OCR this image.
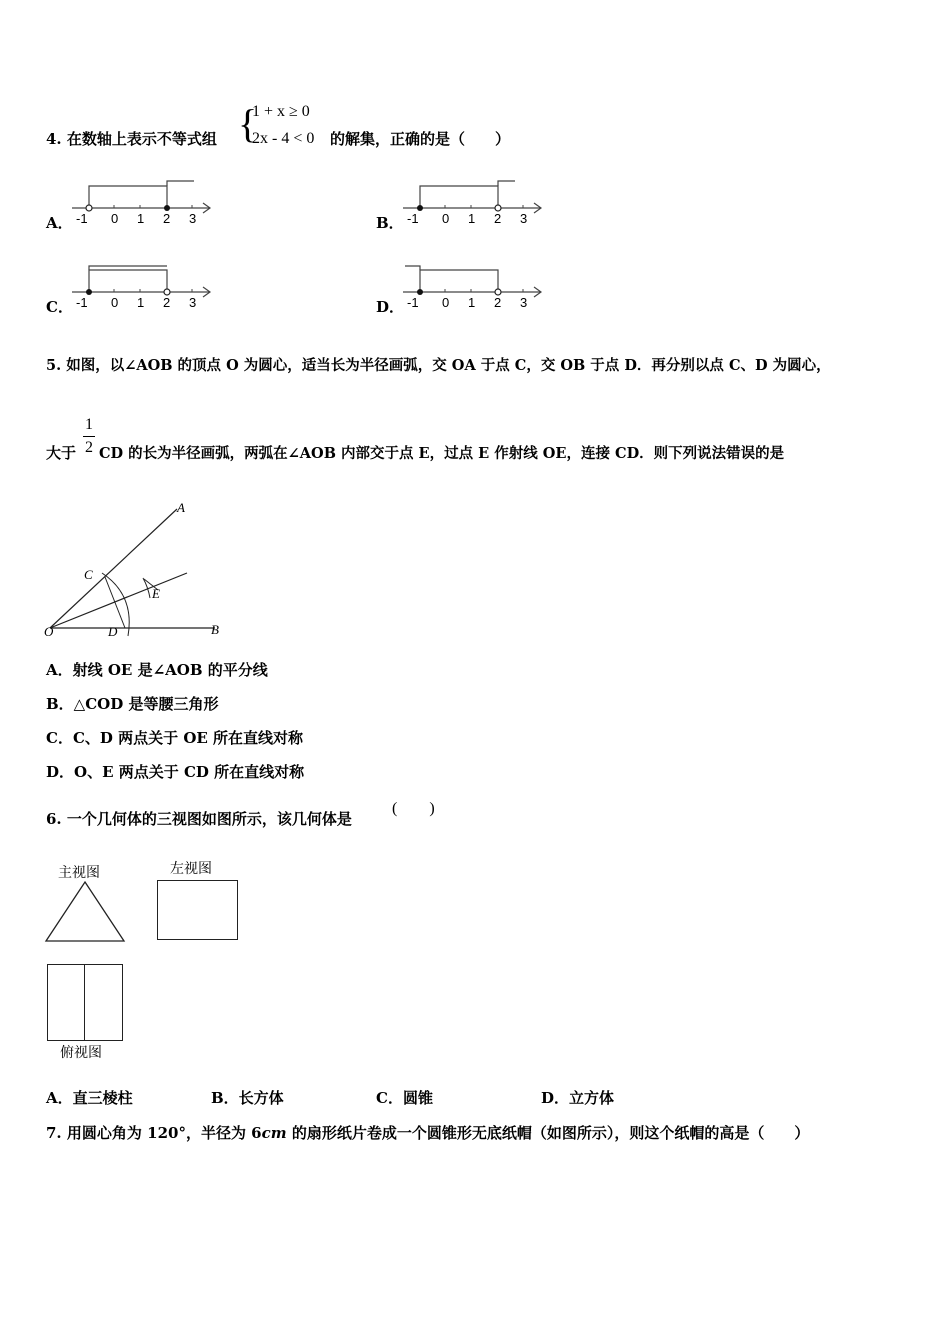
4. 在数轴上表示不等式组 {
1 + x ≥ 0
2x - 4 < 0 的解集，正确的是（　　）
A． -1 0 1 2 3	B． -1 0 1 2 3
C． -1 0 1 2 3	D． -1 0 1 2 3
5. 如图，以∠AOB 的顶点 O 为圆心，适当长为半径画弧，交 OA 于点 C，交 OB 于点 D．再分别以点 C、D 为圆心，
大于
1
2 CD 的长为半径画弧，两弧在∠AOB 内部交于点 E，过点 E 作射线 OE，连接 CD．则下列说法错误的是
A
B
C
D
E
O
A．射线 OE 是∠AOB 的平分线
B．△COD 是等腰三角形
C．C、D 两点关于 OE 所在直线对称
D．O、E 两点关于 CD 所在直线对称
6. 一个几何体的三视图如图所示，该几何体是
(　　)
主视图	左视图
俯视图
A．直三棱柱	B．长方体	C．圆锥	D．立方体
7. 用圆心角为 120°，半径为 6cm 的扇形纸片卷成一个圆锥形无底纸帽（如图所示），则这个纸帽的高是（　　）
